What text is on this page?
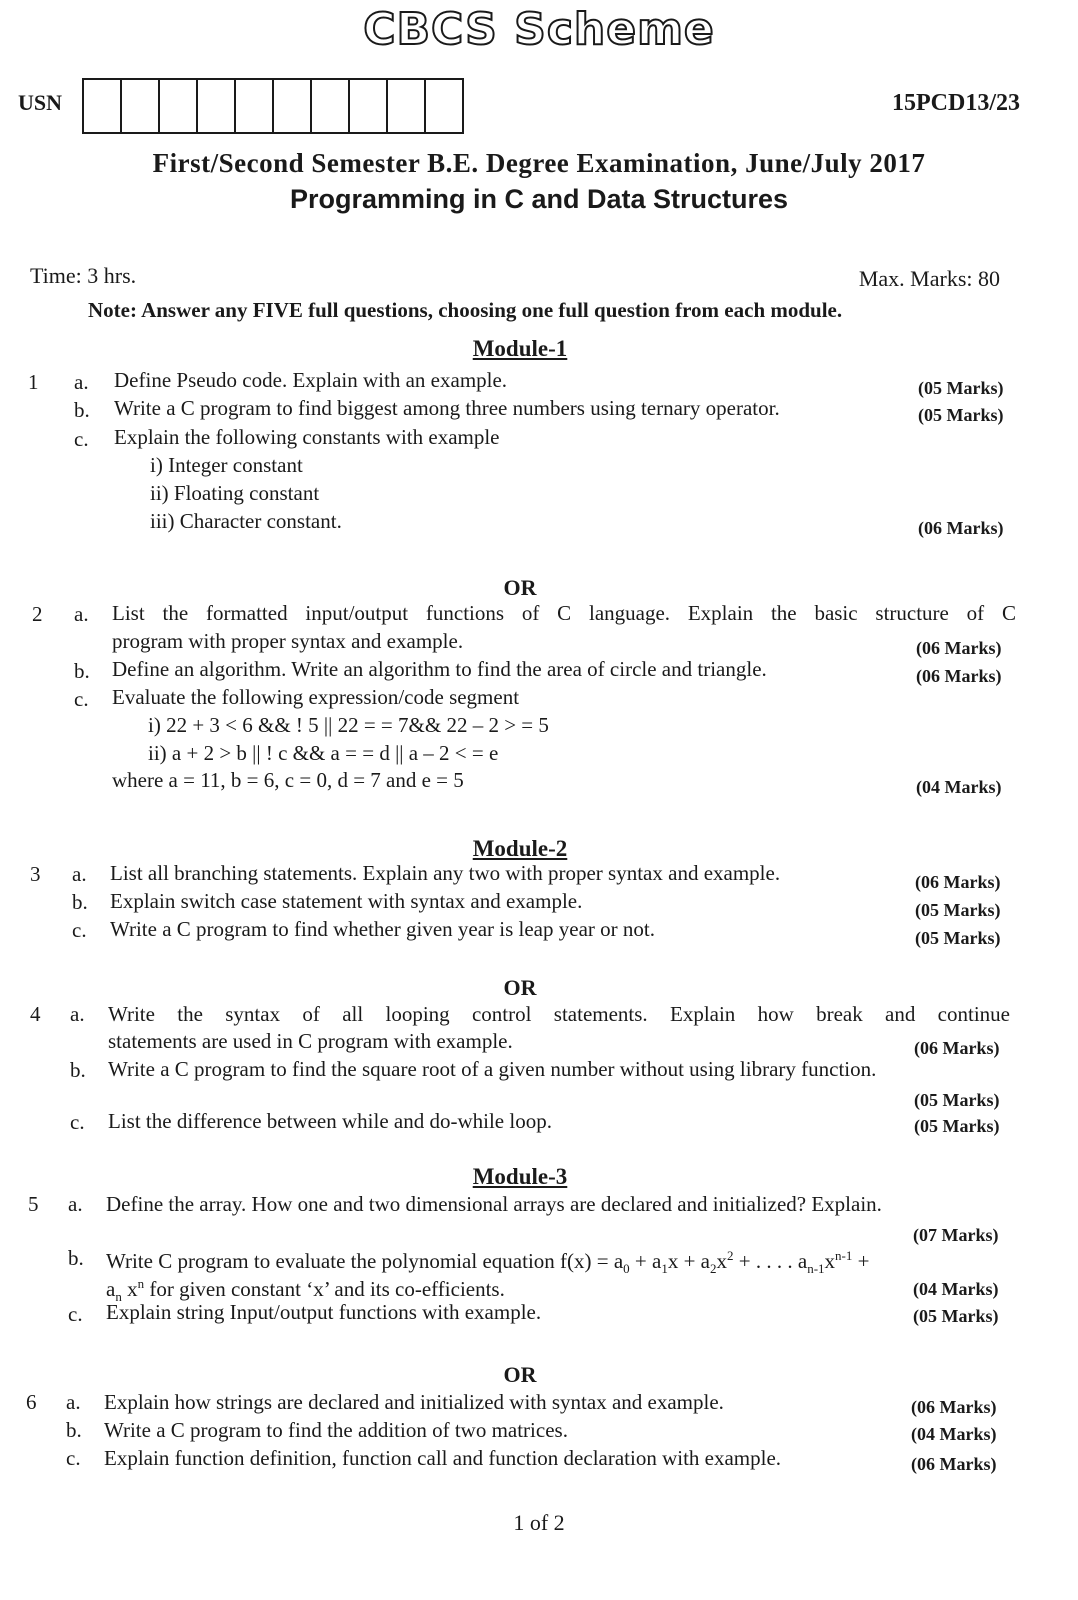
CBCS Scheme
USN	15PCD13/23
First/Second Semester B.E. Degree Examination, June/July 2017
Programming in C and Data Structures
Time: 3 hrs.	Max. Marks: 80
Note: Answer any FIVE full questions, choosing one full question from each module.
Module-1
1 a. Define Pseudo code. Explain with an example.	(05 Marks)
b. Write a C program to find biggest among three numbers using ternary operator.	(05 Marks)
c. Explain the following constants with example
i) Integer constant
ii) Floating constant
iii) Character constant.	(06 Marks)
OR
2 a. List the formatted input/output functions of C language. Explain the basic structure of C
program with proper syntax and example.	(06 Marks)
b. Define an algorithm. Write an algorithm to find the area of circle and triangle.	(06 Marks)
c. Evaluate the following expression/code segment
i) 22 + 3 < 6 && ! 5 || 22 = = 7&& 22 – 2 > = 5
ii) a + 2 > b || ! c && a = = d || a – 2 < = e
where a = 11, b = 6, c = 0, d = 7 and e = 5	(04 Marks)
Module-2
3 a. List all branching statements. Explain any two with proper syntax and example.	(06 Marks)
b. Explain switch case statement with syntax and example.	(05 Marks)
c. Write a C program to find whether given year is leap year or not.	(05 Marks)
OR
4 a. Write the syntax of all looping control statements. Explain how break and continue
statements are used in C program with example.	(06 Marks)
b. Write a C program to find the square root of a given number without using library function.
(05 Marks)
c. List the difference between while and do-while loop.	(05 Marks)
Module-3
5 a. Define the array. How one and two dimensional arrays are declared and initialized? Explain.
(07 Marks)
b. Write C program to evaluate the polynomial equation $f(x) = a_0 + a_1x + a_2x^2$ + . . . . $a_{n-1}x^{n-1}$ +
$a_n$ $x^n$ for given constant ‘x’ and its co-efficients.	(04 Marks)
c. Explain string Input/output functions with example.	(05 Marks)
OR
6 a. Explain how strings are declared and initialized with syntax and example.	(06 Marks)
b. Write a C program to find the addition of two matrices.	(04 Marks)
c. Explain function definition, function call and function declaration with example.	(06 Marks)
1 of 2
